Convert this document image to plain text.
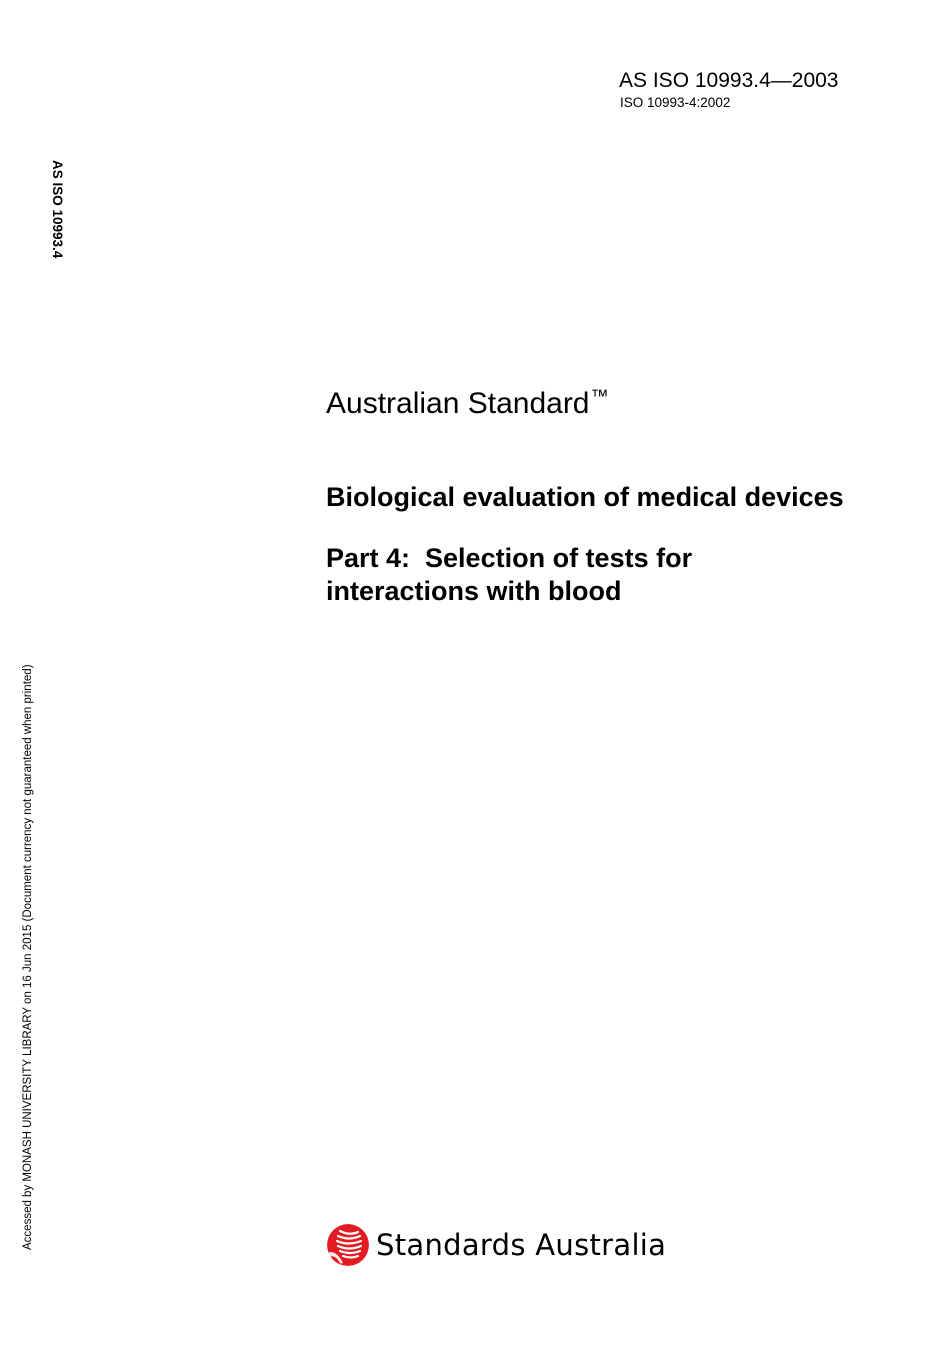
AS ISO 10993.4—2003
ISO 10993-4:2002
AS ISO 10993.4
Accessed by MONASH UNIVERSITY LIBRARY on 16 Jun 2015 (Document currency not guaranteed when printed)
Australian Standard™
Biological evaluation of medical devices
Part 4:  Selection of tests for
interactions with blood
Standards Australia
